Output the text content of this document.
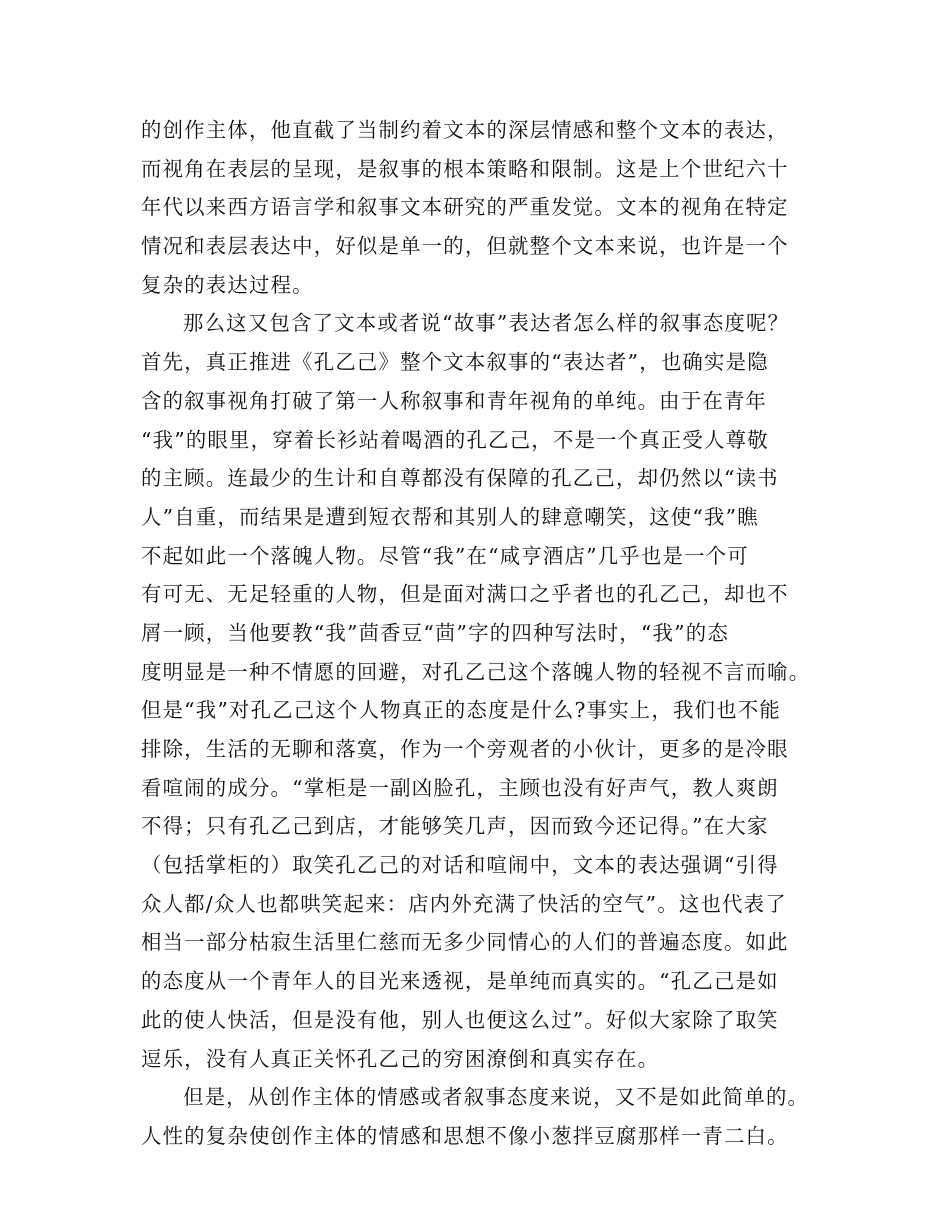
的创作主体，他直截了当制约着文本的深层情感和整个文本的表达，
而视角在表层的呈现，是叙事的根本策略和限制。这是上个世纪六十
年代以来西方语言学和叙事文本研究的严重发觉。文本的视角在特定
情况和表层表达中，好似是单一的，但就整个文本来说，也许是一个
复杂的表达过程。
那么这又包含了文本或者说“故事”表达者怎么样的叙事态度呢？
首先，真正推进《孔乙己》整个文本叙事的“表达者”，也确实是隐
含的叙事视角打破了第一人称叙事和青年视角的单纯。由于在青年
“我”的眼里，穿着长衫站着喝酒的孔乙己，不是一个真正受人尊敬
的主顾。连最少的生计和自尊都没有保障的孔乙己，却仍然以“读书
人”自重，而结果是遭到短衣帮和其别人的肆意嘲笑，这使“我”瞧
不起如此一个落魄人物。尽管“我”在“咸亨酒店”几乎也是一个可
有可无、无足轻重的人物，但是面对满口之乎者也的孔乙己，却也不
屑一顾，当他要教“我”茴香豆“茴”字的四种写法时，“我”的态
度明显是一种不情愿的回避，对孔乙己这个落魄人物的轻视不言而喻。
但是“我”对孔乙己这个人物真正的态度是什么?事实上，我们也不能
排除，生活的无聊和落寞，作为一个旁观者的小伙计，更多的是冷眼
看喧闹的成分。“掌柜是一副凶脸孔，主顾也没有好声气，教人爽朗
不得；只有孔乙己到店，才能够笑几声，因而致今还记得。”在大家
（包括掌柜的）取笑孔乙己的对话和喧闹中，文本的表达强调“引得
众人都/众人也都哄笑起来：店内外充满了快活的空气”。这也代表了
相当一部分枯寂生活里仁慈而无多少同情心的人们的普遍态度。如此
的态度从一个青年人的目光来透视，是单纯而真实的。“孔乙己是如
此的使人快活，但是没有他，别人也便这么过”。好似大家除了取笑
逗乐，没有人真正关怀孔乙己的穷困潦倒和真实存在。
但是，从创作主体的情感或者叙事态度来说，又不是如此简单的。
人性的复杂使创作主体的情感和思想不像小葱拌豆腐那样一青二白。
